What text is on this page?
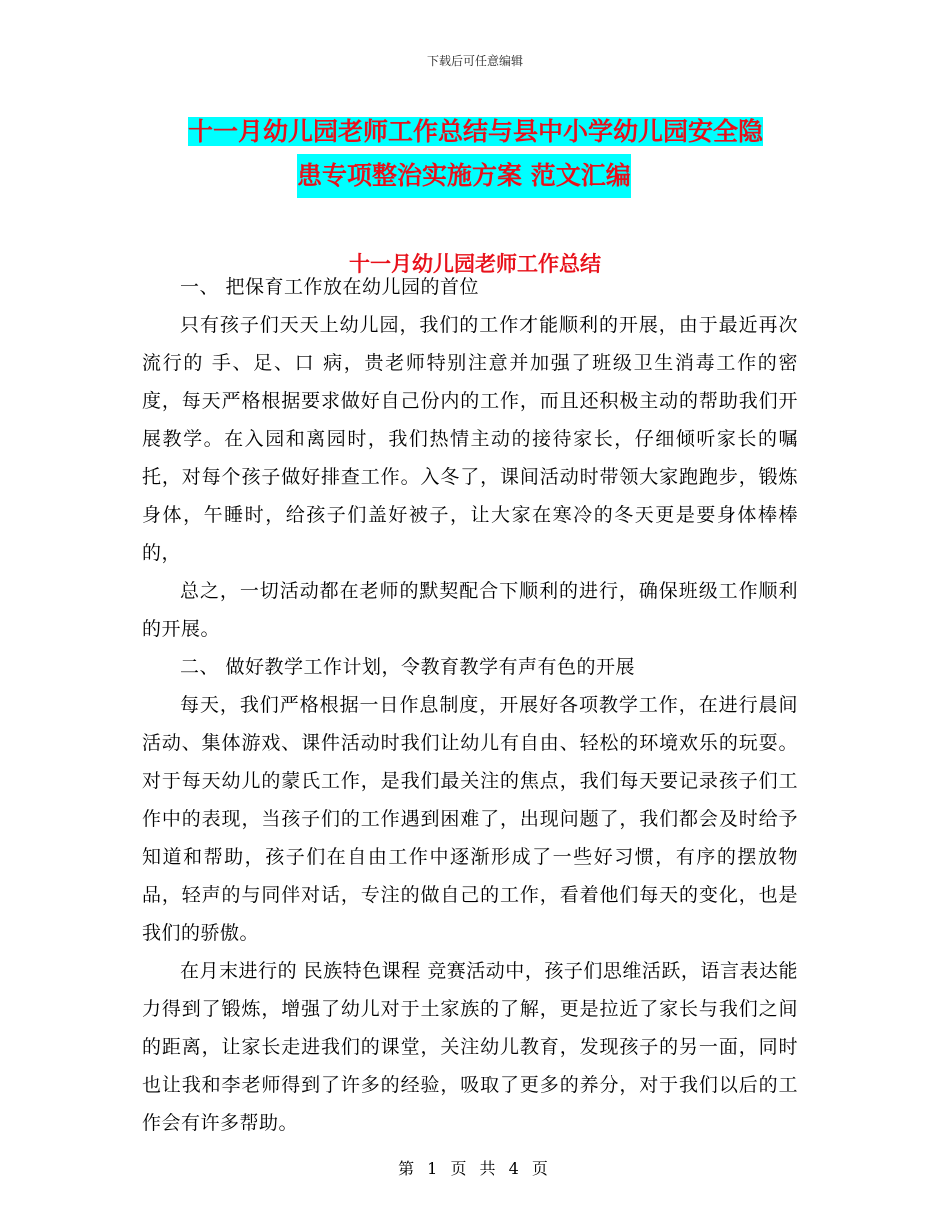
下载后可任意编辑
十一月幼儿园老师工作总结与县中小学幼儿园安全隐
患专项整治实施方案 范文汇编
十一月幼儿园老师工作总结

一、 把保育工作放在幼儿园的首位

只有孩子们天天上幼儿园，我们的工作才能顺利的开展，由于最近再次流行的 手、足、口 病，贵老师特别注意并加强了班级卫生消毒工作的密度，每天严格根据要求做好自己份内的工作，而且还积极主动的帮助我们开展教学。在入园和离园时，我们热情主动的接待家长，仔细倾听家长的嘱托，对每个孩子做好排查工作。入冬了，课间活动时带领大家跑跑步，锻炼身体，午睡时，给孩子们盖好被子，让大家在寒冷的冬天更是要身体棒棒的，

总之，一切活动都在老师的默契配合下顺利的进行，确保班级工作顺利的开展。

二、 做好教学工作计划，令教育教学有声有色的开展

每天，我们严格根据一日作息制度，开展好各项教学工作，在进行晨间活动、集体游戏、课件活动时我们让幼儿有自由、轻松的环境欢乐的玩耍。对于每天幼儿的蒙氏工作，是我们最关注的焦点，我们每天要记录孩子们工作中的表现，当孩子们的工作遇到困难了，出现问题了，我们都会及时给予知道和帮助，孩子们在自由工作中逐渐形成了一些好习惯，有序的摆放物品，轻声的与同伴对话，专注的做自己的工作，看着他们每天的变化，也是我们的骄傲。

在月末进行的 民族特色课程 竞赛活动中，孩子们思维活跃，语言表达能力得到了锻炼，增强了幼儿对于土家族的了解，更是拉近了家长与我们之间的距离，让家长走进我们的课堂，关注幼儿教育，发现孩子的另一面，同时也让我和李老师得到了许多的经验，吸取了更多的养分，对于我们以后的工作会有许多帮助。

第 1 页 共 4 页
